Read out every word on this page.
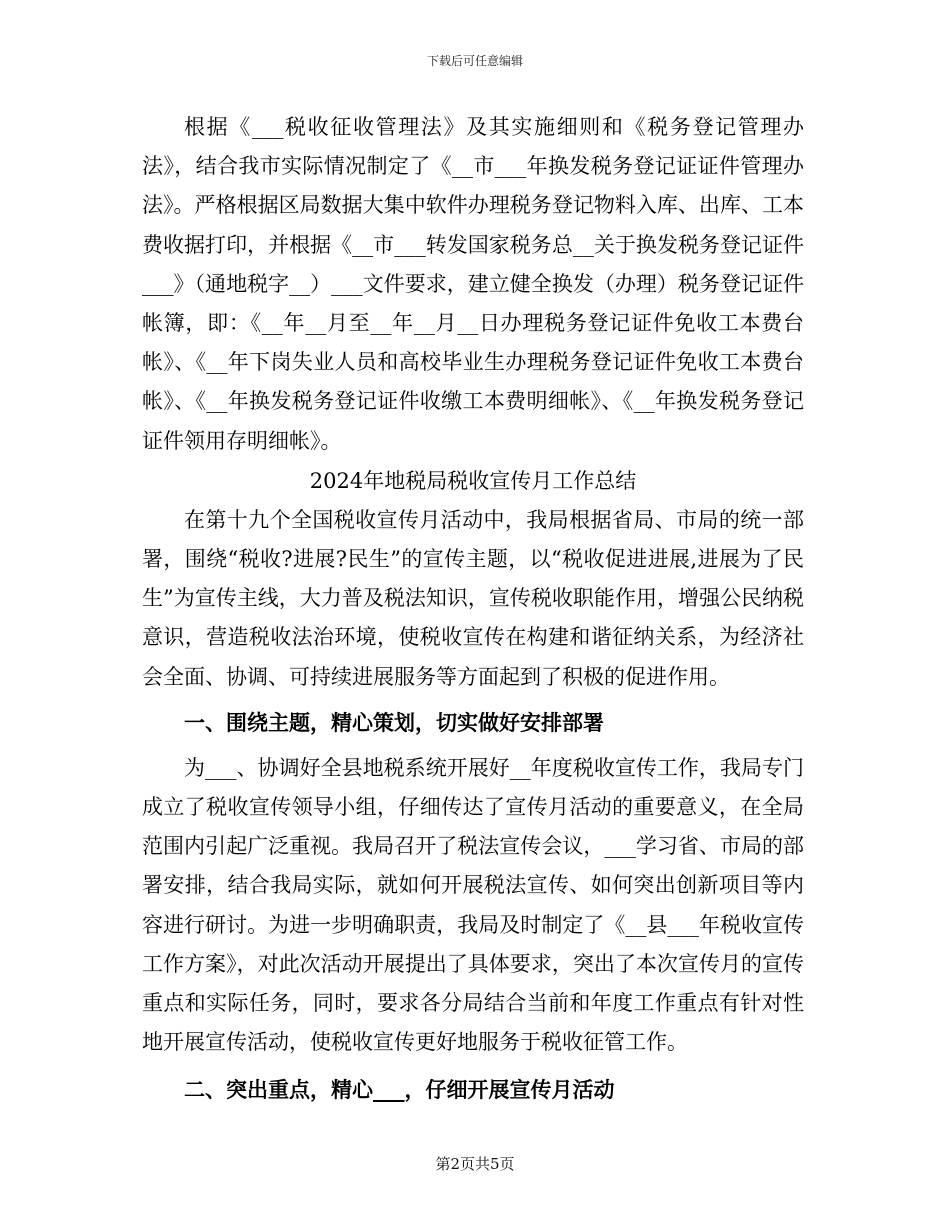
下载后可任意编辑

根据《___税收征收管理法》及其实施细则和《税务登记管理办法》，结合我市实际情况制定了《__市___年换发税务登记证证件管理办法》。严格根据区局数据大集中软件办理税务登记物料入库、出库、工本费收据打印，并根据《__市___转发国家税务总__关于换发税务登记证件___》（通地税字__）___文件要求，建立健全换发（办理）税务登记证件帐簿，即：《__年__月至__年__月__日办理税务登记证件免收工本费台帐》、《__年下岗失业人员和高校毕业生办理税务登记证件免收工本费台帐》、《__年换发税务登记证件收缴工本费明细帐》、《__年换发税务登记证件领用存明细帐》。

2024年地税局税收宣传月工作总结

在第十九个全国税收宣传月活动中，我局根据省局、市局的统一部署，围绕“税收?进展?民生”的宣传主题，以“税收促进进展,进展为了民生”为宣传主线，大力普及税法知识，宣传税收职能作用，增强公民纳税意识，营造税收法治环境，使税收宣传在构建和谐征纳关系，为经济社会全面、协调、可持续进展服务等方面起到了积极的促进作用。

一、围绕主题，精心策划，切实做好安排部署

为___、协调好全县地税系统开展好__年度税收宣传工作，我局专门成立了税收宣传领导小组，仔细传达了宣传月活动的重要意义，在全局范围内引起广泛重视。我局召开了税法宣传会议，___学习省、市局的部署安排，结合我局实际，就如何开展税法宣传、如何突出创新项目等内容进行研讨。为进一步明确职责，我局及时制定了《__县___年税收宣传工作方案》，对此次活动开展提出了具体要求，突出了本次宣传月的宣传重点和实际任务，同时，要求各分局结合当前和年度工作重点有针对性地开展宣传活动，使税收宣传更好地服务于税收征管工作。

二、突出重点，精心___，仔细开展宣传月活动

第2页共5页
